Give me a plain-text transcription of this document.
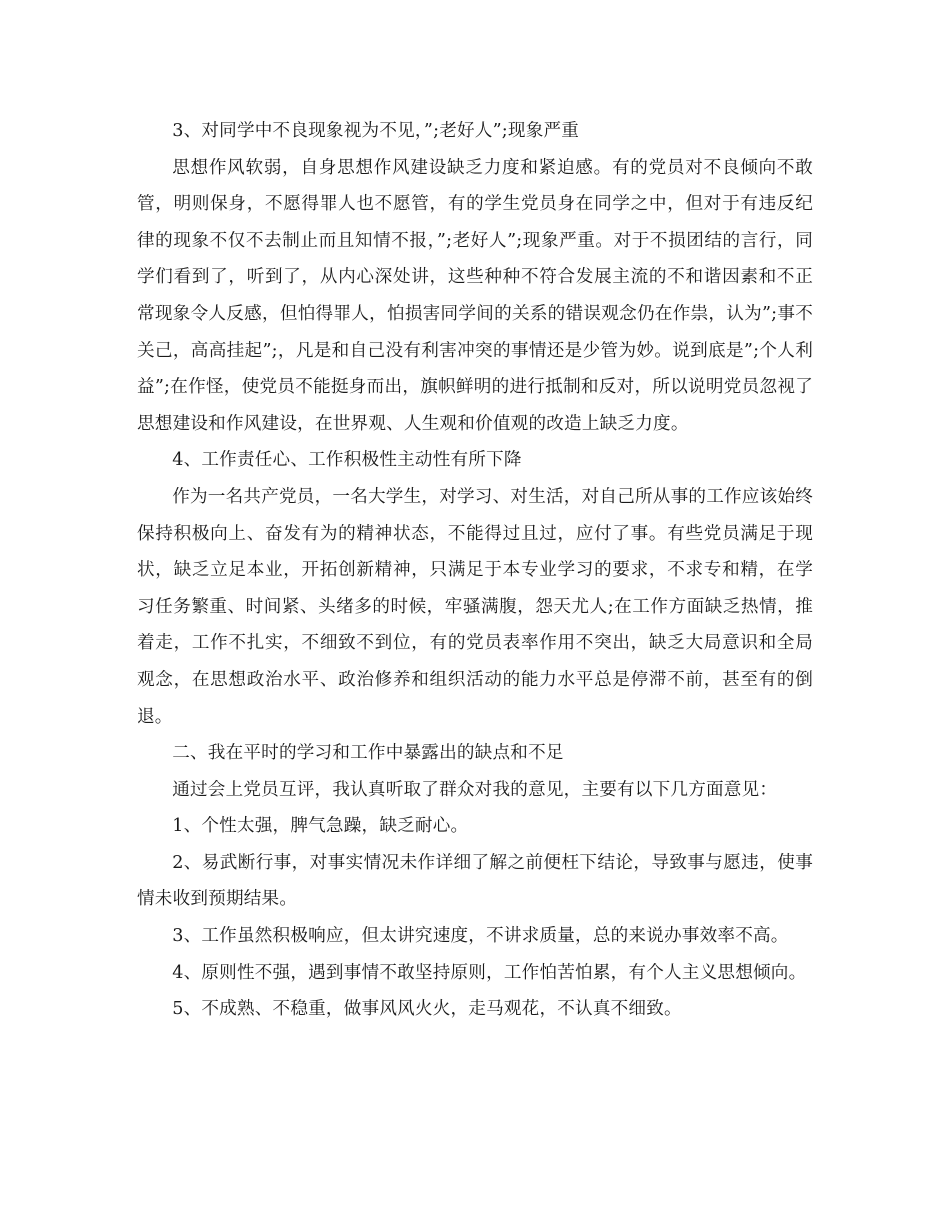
3、对同学中不良现象视为不见，”;老好人”;现象严重

思想作风软弱，自身思想作风建设缺乏力度和紧迫感。有的党员对不良倾向不敢管，明则保身，不愿得罪人也不愿管，有的学生党员身在同学之中，但对于有违反纪律的现象不仅不去制止而且知情不报，”;老好人”;现象严重。对于不损团结的言行，同学们看到了，听到了，从内心深处讲，这些种种不符合发展主流的不和谐因素和不正常现象令人反感，但怕得罪人，怕损害同学间的关系的错误观念仍在作祟，认为”;事不关己，高高挂起”;，凡是和自己没有利害冲突的事情还是少管为妙。说到底是”;个人利益”;在作怪，使党员不能挺身而出，旗帜鲜明的进行抵制和反对，所以说明党员忽视了思想建设和作风建设，在世界观、人生观和价值观的改造上缺乏力度。

4、工作责任心、工作积极性主动性有所下降

作为一名共产党员，一名大学生，对学习、对生活，对自己所从事的工作应该始终保持积极向上、奋发有为的精神状态，不能得过且过，应付了事。有些党员满足于现状，缺乏立足本业，开拓创新精神，只满足于本专业学习的要求，不求专和精，在学习任务繁重、时间紧、头绪多的时候，牢骚满腹，怨天尤人;在工作方面缺乏热情，推着走，工作不扎实，不细致不到位，有的党员表率作用不突出，缺乏大局意识和全局观念，在思想政治水平、政治修养和组织活动的能力水平总是停滞不前，甚至有的倒退。

二、我在平时的学习和工作中暴露出的缺点和不足

通过会上党员互评，我认真听取了群众对我的意见，主要有以下几方面意见：

1、个性太强，脾气急躁，缺乏耐心。

2、易武断行事，对事实情况未作详细了解之前便枉下结论，导致事与愿违，使事情未收到预期结果。

3、工作虽然积极响应，但太讲究速度，不讲求质量，总的来说办事效率不高。

4、原则性不强，遇到事情不敢坚持原则，工作怕苦怕累，有个人主义思想倾向。

5、不成熟、不稳重，做事风风火火，走马观花，不认真不细致。
